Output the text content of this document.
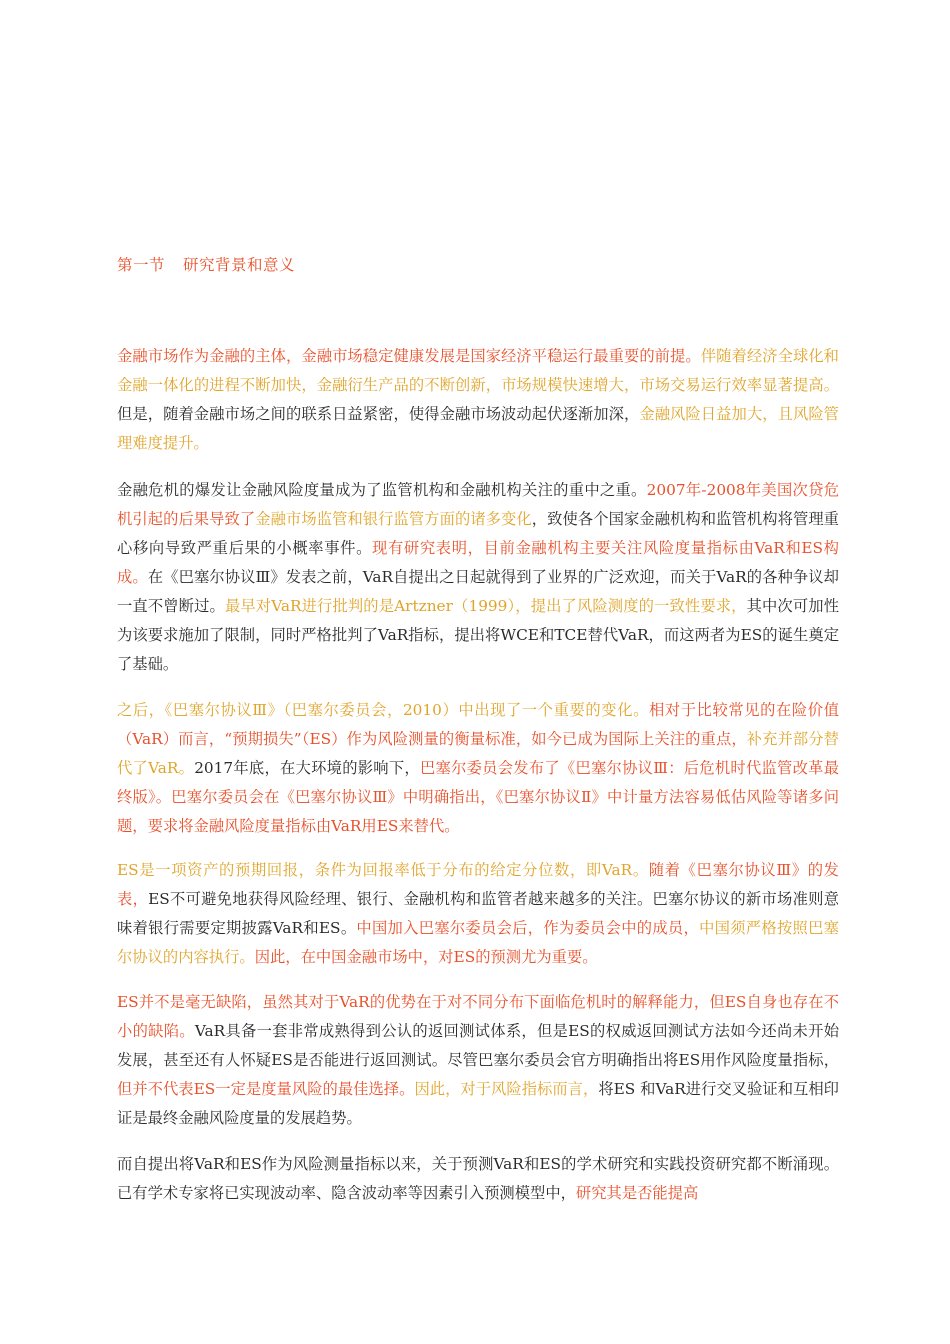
第一节 研究背景和意义

金融市场作为金融的主体，金融市场稳定健康发展是国家经济平稳运行最重要的前提。伴随着经济全球化和金融一体化的进程不断加快，金融衍生产品的不断创新，市场规模快速增大，市场交易运行效率显著提高。但是，随着金融市场之间的联系日益紧密，使得金融市场波动起伏逐渐加深，金融风险日益加大，且风险管理难度提升。

金融危机的爆发让金融风险度量成为了监管机构和金融机构关注的重中之重。2007年-2008年美国次贷危机引起的后果导致了金融市场监管和银行监管方面的诸多变化，致使各个国家金融机构和监管机构将管理重心移向导致严重后果的小概率事件。现有研究表明，目前金融机构主要关注风险度量指标由VaR和ES构成。在《巴塞尔协议Ⅲ》发表之前，VaR自提出之日起就得到了业界的广泛欢迎，而关于VaR的各种争议却一直不曾断过。最早对VaR进行批判的是Artzner（1999），提出了风险测度的一致性要求，其中次可加性为该要求施加了限制，同时严格批判了VaR指标，提出将WCE和TCE替代VaR，而这两者为ES的诞生奠定了基础。

之后，《巴塞尔协议Ⅲ》（巴塞尔委员会，2010）中出现了一个重要的变化。相对于比较常见的在险价值（VaR）而言，“预期损失”（ES）作为风险测量的衡量标准，如今已成为国际上关注的重点，补充并部分替代了VaR。2017年底，在大环境的影响下，巴塞尔委员会发布了《巴塞尔协议Ⅲ：后危机时代监管改革最终版》。巴塞尔委员会在《巴塞尔协议Ⅲ》中明确指出，《巴塞尔协议Ⅱ》中计量方法容易低估风险等诸多问题，要求将金融风险度量指标由VaR用ES来替代。

ES是一项资产的预期回报，条件为回报率低于分布的给定分位数，即VaR。随着《巴塞尔协议Ⅲ》的发表，ES不可避免地获得风险经理、银行、金融机构和监管者越来越多的关注。巴塞尔协议的新市场准则意味着银行需要定期披露VaR和ES。中国加入巴塞尔委员会后，作为委员会中的成员，中国须严格按照巴塞尔协议的内容执行。因此，在中国金融市场中，对ES的预测尤为重要。

ES并不是毫无缺陷，虽然其对于VaR的优势在于对不同分布下面临危机时的解释能力，但ES自身也存在不小的缺陷。VaR具备一套非常成熟得到公认的返回测试体系，但是ES的权威返回测试方法如今还尚未开始发展，甚至还有人怀疑ES是否能进行返回测试。尽管巴塞尔委员会官方明确指出将ES用作风险度量指标，但并不代表ES一定是度量风险的最佳选择。因此，对于风险指标而言，将ES 和VaR进行交叉验证和互相印证是最终金融风险度量的发展趋势。

而自提出将VaR和ES作为风险测量指标以来，关于预测VaR和ES的学术研究和实践投资研究都不断涌现。已有学术专家将已实现波动率、隐含波动率等因素引入预测模型中，研究其是否能提高
